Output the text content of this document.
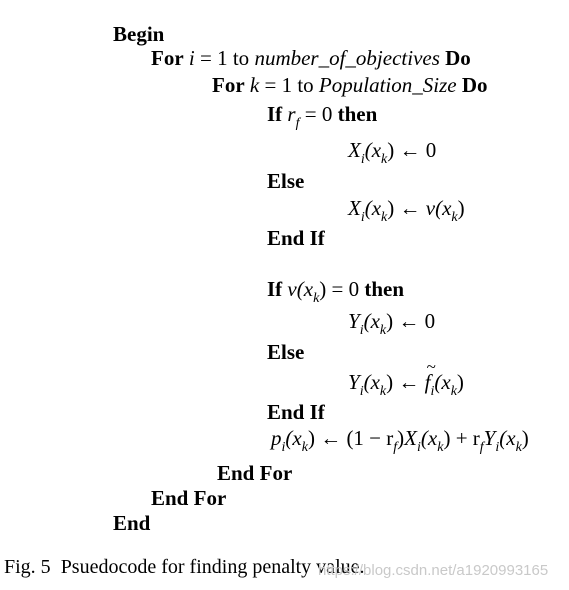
Begin
For i = 1 to number_of_objectives Do
For k = 1 to Population_Size Do
If $r_f = 0$ then
$X_i(x_k)$ ← 0
Else
$X_i(x_k)$ ← $v(x_k)$
End If
If $v(x_k) = 0$ then
$Y_i(x_k)$ ← 0
Else
$Y_i(x_k)$ ← ~ $f_i(x_k)$
End If
$p_i(x_k)$ ← $(1 - r_f)X_i(x_k) + r_fY_i(x_k)$
End For
End For
End
Fig. 5 Psuedocode for finding penalty value.
https://blog.csdn.net/a1920993165
